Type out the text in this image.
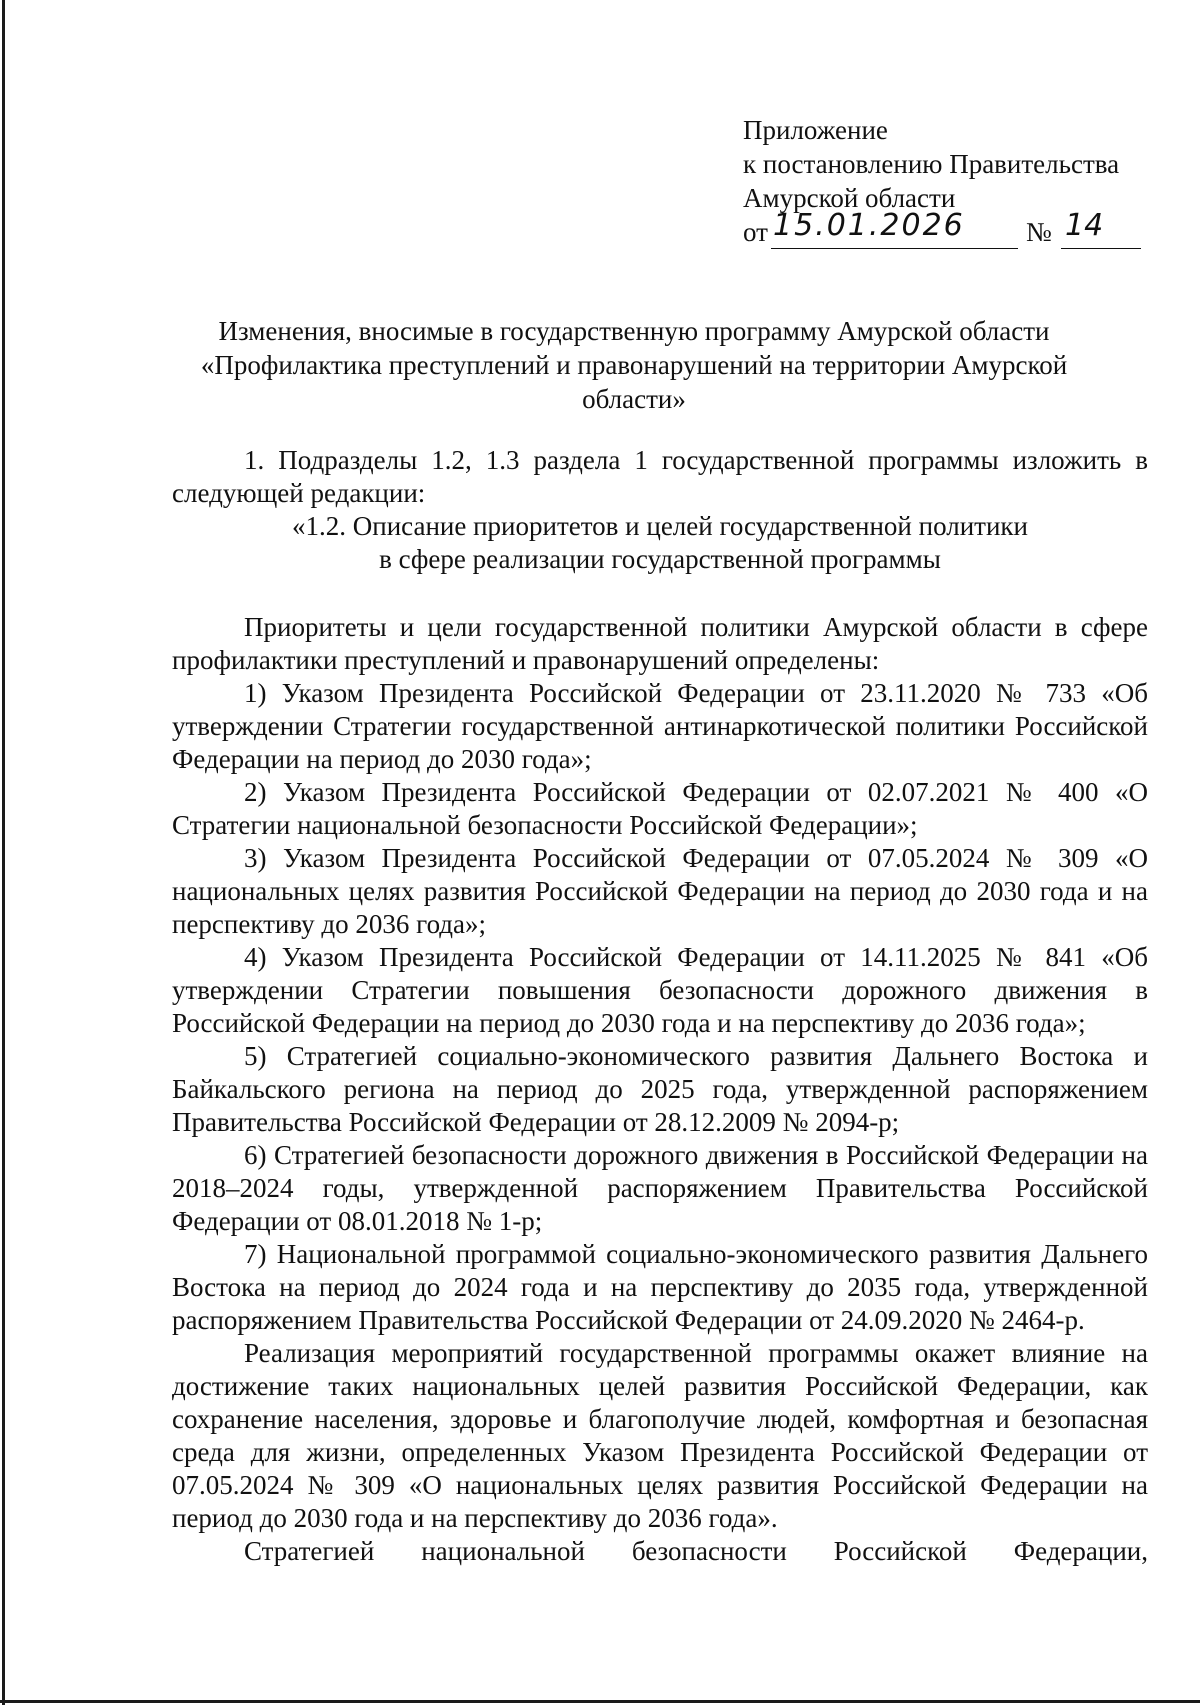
Приложение
к постановлению Правительства
Амурской области
от 15.01.2026	№ 14
Изменения, вносимые в государственную программу Амурской области
«Профилактика преступлений и правонарушений на территории Амурской
области»

1. Подразделы 1.2, 1.3 раздела 1 государственной программы изложить в следующей редакции:

«1.2. Описание приоритетов и целей государственной политики
в сфере реализации государственной программы

Приоритеты и цели государственной политики Амурской области в сфере профилактики преступлений и правонарушений определены:

1) Указом Президента Российской Федерации от 23.11.2020 № 733 «Об утверждении Стратегии государственной антинаркотической политики Российской Федерации на период до 2030 года»;

2) Указом Президента Российской Федерации от 02.07.2021 № 400 «О Стратегии национальной безопасности Российской Федерации»;

3) Указом Президента Российской Федерации от 07.05.2024 № 309 «О национальных целях развития Российской Федерации на период до 2030 года и на перспективу до 2036 года»;

4) Указом Президента Российской Федерации от 14.11.2025 № 841 «Об утверждении Стратегии повышения безопасности дорожного движения в Российской Федерации на период до 2030 года и на перспективу до 2036 года»;

5) Стратегией социально-экономического развития Дальнего Востока и Байкальского региона на период до 2025 года, утвержденной распоряжением Правительства Российской Федерации от 28.12.2009 № 2094-р;

6) Стратегией безопасности дорожного движения в Российской Федерации на 2018–2024 годы, утвержденной распоряжением Правительства Российской Федерации от 08.01.2018 № 1-р;

7) Национальной программой социально-экономического развития Дальнего Востока на период до 2024 года и на перспективу до 2035 года, утвержденной распоряжением Правительства Российской Федерации от 24.09.2020 № 2464-р.

Реализация мероприятий государственной программы окажет влияние на достижение таких национальных целей развития Российской Федерации, как сохранение населения, здоровье и благополучие людей, комфортная и безопасная среда для жизни, определенных Указом Президента Российской Федерации от 07.05.2024 № 309 «О национальных целях развития Российской Федерации на период до 2030 года и на перспективу до 2036 года».

Стратегией национальной безопасности Российской Федерации,
